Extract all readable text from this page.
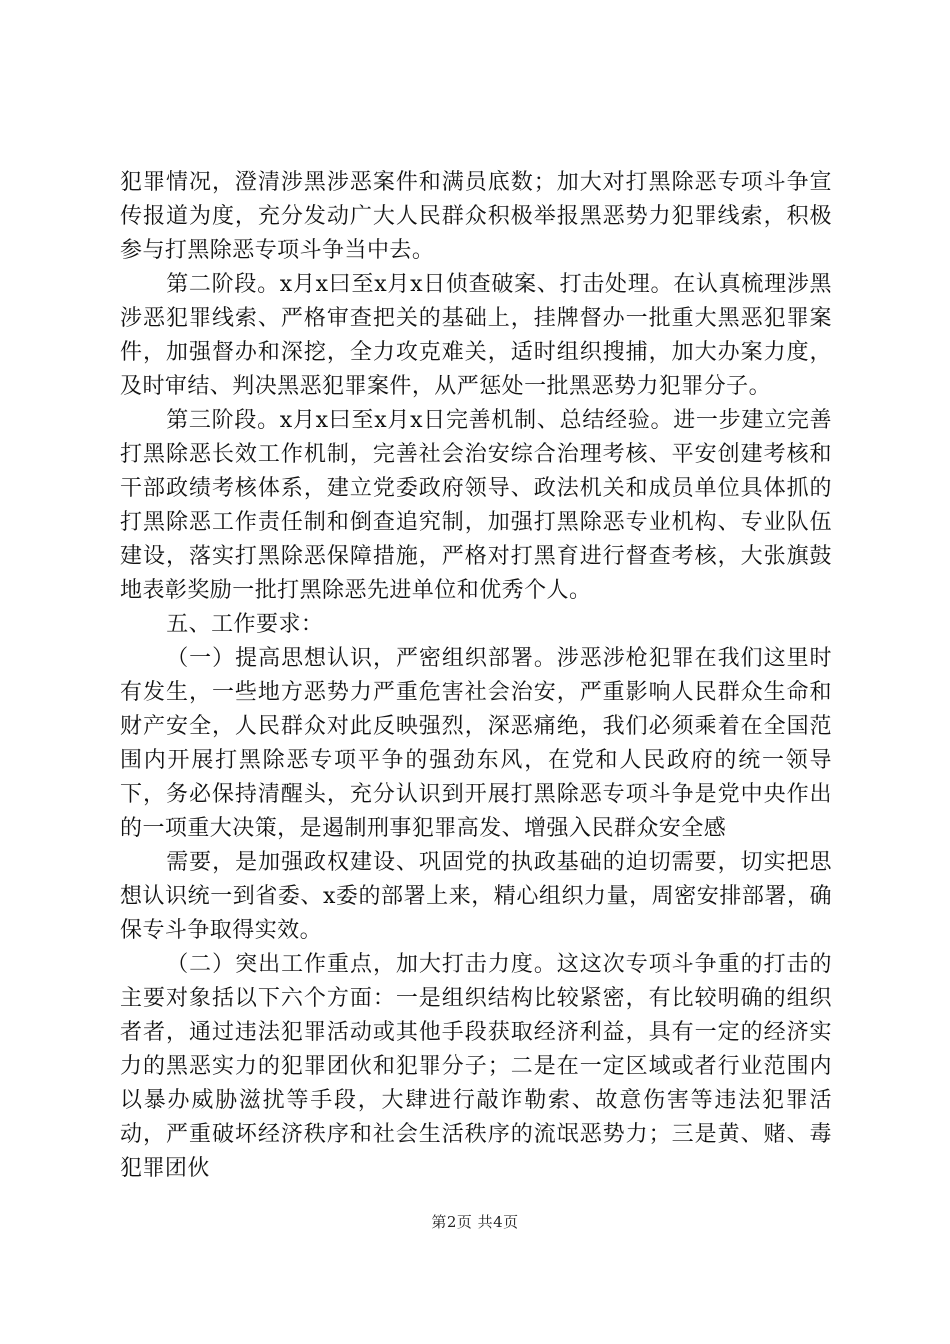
犯罪情况，澄清涉黑涉恶案件和满员底数；加大对打黑除恶专项斗争宣传报道为度，充分发动广大人民群众积极举报黑恶势力犯罪线索，积极参与打黑除恶专项斗争当中去。

第二阶段。x月x曰至x月x日侦查破案、打击处理。在认真梳理涉黑涉恶犯罪线索、严格审查把关的基础上，挂牌督办一批重大黑恶犯罪案件，加强督办和深挖，全力攻克难关，适时组织搜捕，加大办案力度，及时审结、判决黑恶犯罪案件，从严惩处一批黑恶势力犯罪分子。

第三阶段。x月x曰至x月x日完善机制、总结经验。进一步建立完善打黑除恶长效工作机制，完善社会治安综合治理考核、平安创建考核和干部政绩考核体系，建立党委政府领导、政法机关和成员单位具体抓的打黑除恶工作责任制和倒查追究制，加强打黑除恶专业机构、专业队伍建设，落实打黑除恶保障措施，严格对打黑育进行督查考核，大张旗鼓地表彰奖励一批打黑除恶先进单位和优秀个人。

五、工作要求：

（一）提高思想认识，严密组织部署。涉恶涉枪犯罪在我们这里时有发生，一些地方恶势力严重危害社会治安，严重影响人民群众生命和财产安全，人民群众对此反映强烈，深恶痛绝，我们必须乘着在全国范围内开展打黑除恶专项平争的强劲东风，在党和人民政府的统一领导下，务必保持清醒头，充分认识到开展打黑除恶专项斗争是党中央作出的一项重大决策，是遏制刑事犯罪高发、增强入民群众安全感

需要，是加强政权建设、巩固党的执政基础的迫切需要，切实把思想认识统一到省委、x委的部署上来，精心组织力量，周密安排部署，确保专斗争取得实效。

（二）突出工作重点，加大打击力度。这这次专项斗争重的打击的主要对象括以下六个方面：一是组织结构比较紧密，有比较明确的组织者者，通过违法犯罪活动或其他手段获取经济利益，具有一定的经济实力的黑恶实力的犯罪团伙和犯罪分子；二是在一定区域或者行业范围内以暴办威胁滋扰等手段，大肆进行敲诈勒索、故意伤害等违法犯罪活动，严重破坏经济秩序和社会生活秩序的流氓恶势力；三是黄、赌、毒犯罪团伙

第2页 共4页
